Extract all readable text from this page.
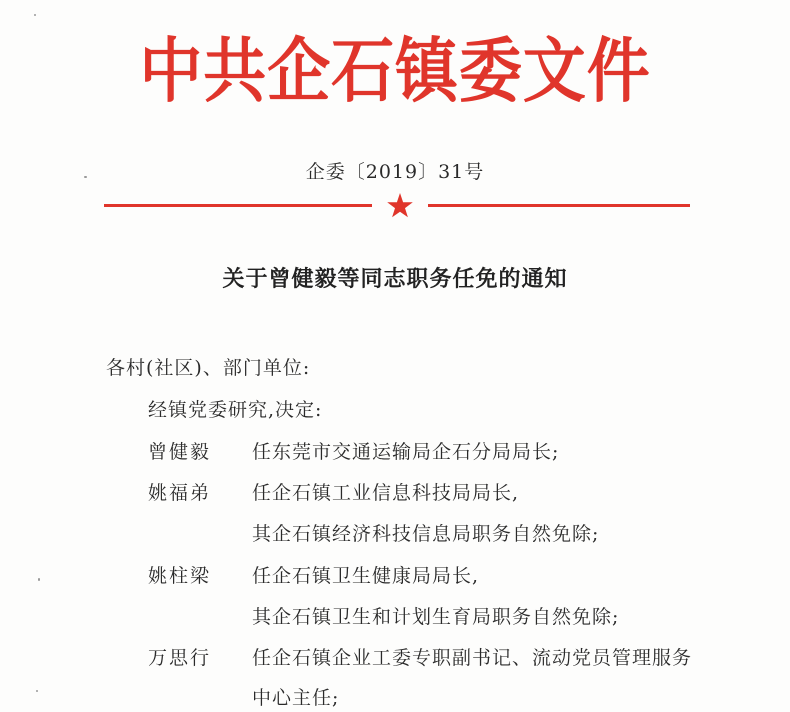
中共企石镇委文件
企委〔2019〕31号
关于曾健毅等同志职务任免的通知
各村(社区)、部门单位:
经镇党委研究,决定:
曾健毅 任东莞市交通运输局企石分局局长;
姚福弟 任企石镇工业信息科技局局长,
其企石镇经济科技信息局职务自然免除;
姚柱梁 任企石镇卫生健康局局长,
其企石镇卫生和计划生育局职务自然免除;
万思行 任企石镇企业工委专职副书记、流动党员管理服务
中心主任;
